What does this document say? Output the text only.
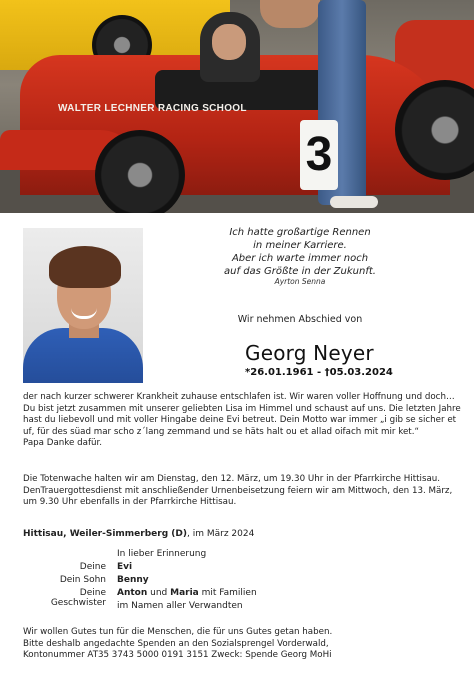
WALTER LECHNER RACING SCHOOL
3
Ich hatte großartige Rennen
in meiner Karriere.
Aber ich warte immer noch
auf das Größte in der Zukunft.
Ayrton Senna
Wir nehmen Abschied von
Georg Neyer
*26.01.1961 - †05.03.2024
der nach kurzer schwerer Krankheit zuhause entschlafen ist. Wir waren voller Hoffnung und doch…
Du bist jetzt zusammen mit unserer geliebten Lisa im Himmel und schaust auf uns. Die letzten Jahre
hast du liebevoll und mit voller Hingabe deine Evi betreut. Dein Motto war immer „i gib se sicher et
uf, für des süad mar scho z´lang zemmand und se häts halt ou et allad oifach mit mir ket.“
Papa Danke dafür.
Die Totenwache halten wir am Dienstag, den 12. März, um 19.30 Uhr in der Pfarrkirche Hittisau.
DenTrauergottesdienst mit anschließender Urnenbeisetzung feiern wir am Mittwoch, den 13. März,
um 9.30 Uhr ebenfalls in der Pfarrkirche Hittisau.
Hittisau, Weiler-Simmerberg (D), im März 2024
In lieber Erinnerung
Deine Evi
Dein Sohn Benny
Deine Geschwister
Anton und Maria mit Familien
im Namen aller Verwandten
Wir wollen Gutes tun für die Menschen, die für uns Gutes getan haben.
Bitte deshalb angedachte Spenden an den Sozialsprengel Vorderwald,
Kontonummer AT35 3743 5000 0191 3151 Zweck: Spende Georg MoHi
